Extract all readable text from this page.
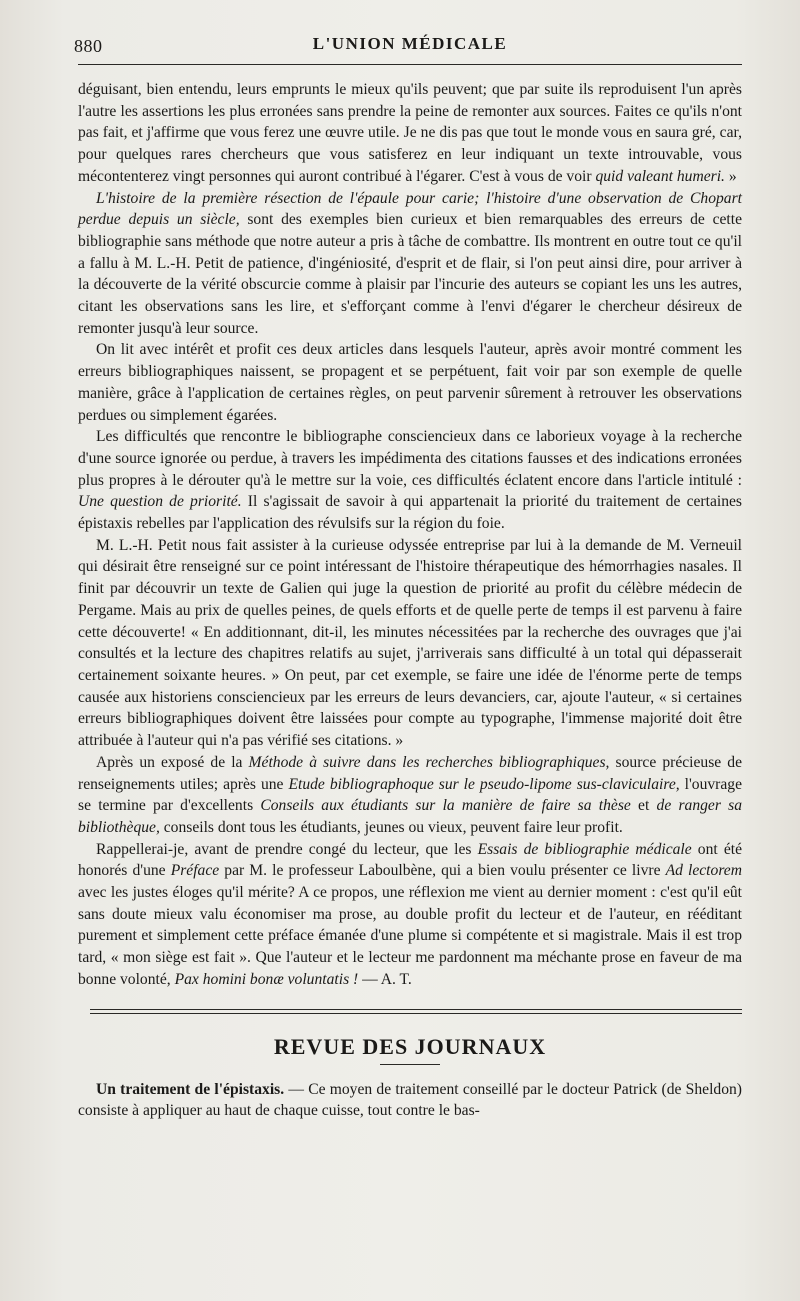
880	L'UNION MÉDICALE

déguisant, bien entendu, leurs emprunts le mieux qu'ils peuvent; que par suite ils reproduisent l'un après l'autre les assertions les plus erronées sans prendre la peine de remonter aux sources. Faites ce qu'ils n'ont pas fait, et j'affirme que vous ferez une œuvre utile. Je ne dis pas que tout le monde vous en saura gré, car, pour quelques rares chercheurs que vous satisferez en leur indiquant un texte introuvable, vous mécontenterez vingt personnes qui auront contribué à l'égarer. C'est à vous de voir quid valeant humeri. »

L'histoire de la première résection de l'épaule pour carie; l'histoire d'une observation de Chopart perdue depuis un siècle, sont des exemples bien curieux et bien remarquables des erreurs de cette bibliographie sans méthode que notre auteur a pris à tâche de combattre. Ils montrent en outre tout ce qu'il a fallu à M. L.-H. Petit de patience, d'ingéniosité, d'esprit et de flair, si l'on peut ainsi dire, pour arriver à la découverte de la vérité obscurcie comme à plaisir par l'incurie des auteurs se copiant les uns les autres, citant les observations sans les lire, et s'efforçant comme à l'envi d'égarer le chercheur désireux de remonter jusqu'à leur source.

On lit avec intérêt et profit ces deux articles dans lesquels l'auteur, après avoir montré comment les erreurs bibliographiques naissent, se propagent et se perpétuent, fait voir par son exemple de quelle manière, grâce à l'application de certaines règles, on peut parvenir sûrement à retrouver les observations perdues ou simplement égarées.

Les difficultés que rencontre le bibliographe consciencieux dans ce laborieux voyage à la recherche d'une source ignorée ou perdue, à travers les impédimenta des citations fausses et des indications erronées plus propres à le dérouter qu'à le mettre sur la voie, ces difficultés éclatent encore dans l'article intitulé : Une question de priorité. Il s'agissait de savoir à qui appartenait la priorité du traitement de certaines épistaxis rebelles par l'application des révulsifs sur la région du foie.

M. L.-H. Petit nous fait assister à la curieuse odyssée entreprise par lui à la demande de M. Verneuil qui désirait être renseigné sur ce point intéressant de l'histoire thérapeutique des hémorrhagies nasales. Il finit par découvrir un texte de Galien qui juge la question de priorité au profit du célèbre médecin de Pergame. Mais au prix de quelles peines, de quels efforts et de quelle perte de temps il est parvenu à faire cette découverte! « En additionnant, dit-il, les minutes nécessitées par la recherche des ouvrages que j'ai consultés et la lecture des chapitres relatifs au sujet, j'arriverais sans difficulté à un total qui dépasserait certainement soixante heures. » On peut, par cet exemple, se faire une idée de l'énorme perte de temps causée aux historiens consciencieux par les erreurs de leurs devanciers, car, ajoute l'auteur, « si certaines erreurs bibliographiques doivent être laissées pour compte au typographe, l'immense majorité doit être attribuée à l'auteur qui n'a pas vérifié ses citations. »

Après un exposé de la Méthode à suivre dans les recherches bibliographiques, source précieuse de renseignements utiles; après une Etude bibliographoque sur le pseudo-lipome sus-claviculaire, l'ouvrage se termine par d'excellents Conseils aux étudiants sur la manière de faire sa thèse et de ranger sa bibliothèque, conseils dont tous les étudiants, jeunes ou vieux, peuvent faire leur profit.

Rappellerai-je, avant de prendre congé du lecteur, que les Essais de bibliographie médicale ont été honorés d'une Préface par M. le professeur Laboulbène, qui a bien voulu présenter ce livre Ad lectorem avec les justes éloges qu'il mérite? A ce propos, une réflexion me vient au dernier moment : c'est qu'il eût sans doute mieux valu économiser ma prose, au double profit du lecteur et de l'auteur, en rééditant purement et simplement cette préface émanée d'une plume si compétente et si magistrale. Mais il est trop tard, « mon siège est fait ». Que l'auteur et le lecteur me pardonnent ma méchante prose en faveur de ma bonne volonté, Pax homini bonæ voluntatis ! — A. T.

REVUE DES JOURNAUX

Un traitement de l'épistaxis. — Ce moyen de traitement conseillé par le docteur Patrick (de Sheldon) consiste à appliquer au haut de chaque cuisse, tout contre le bas-
